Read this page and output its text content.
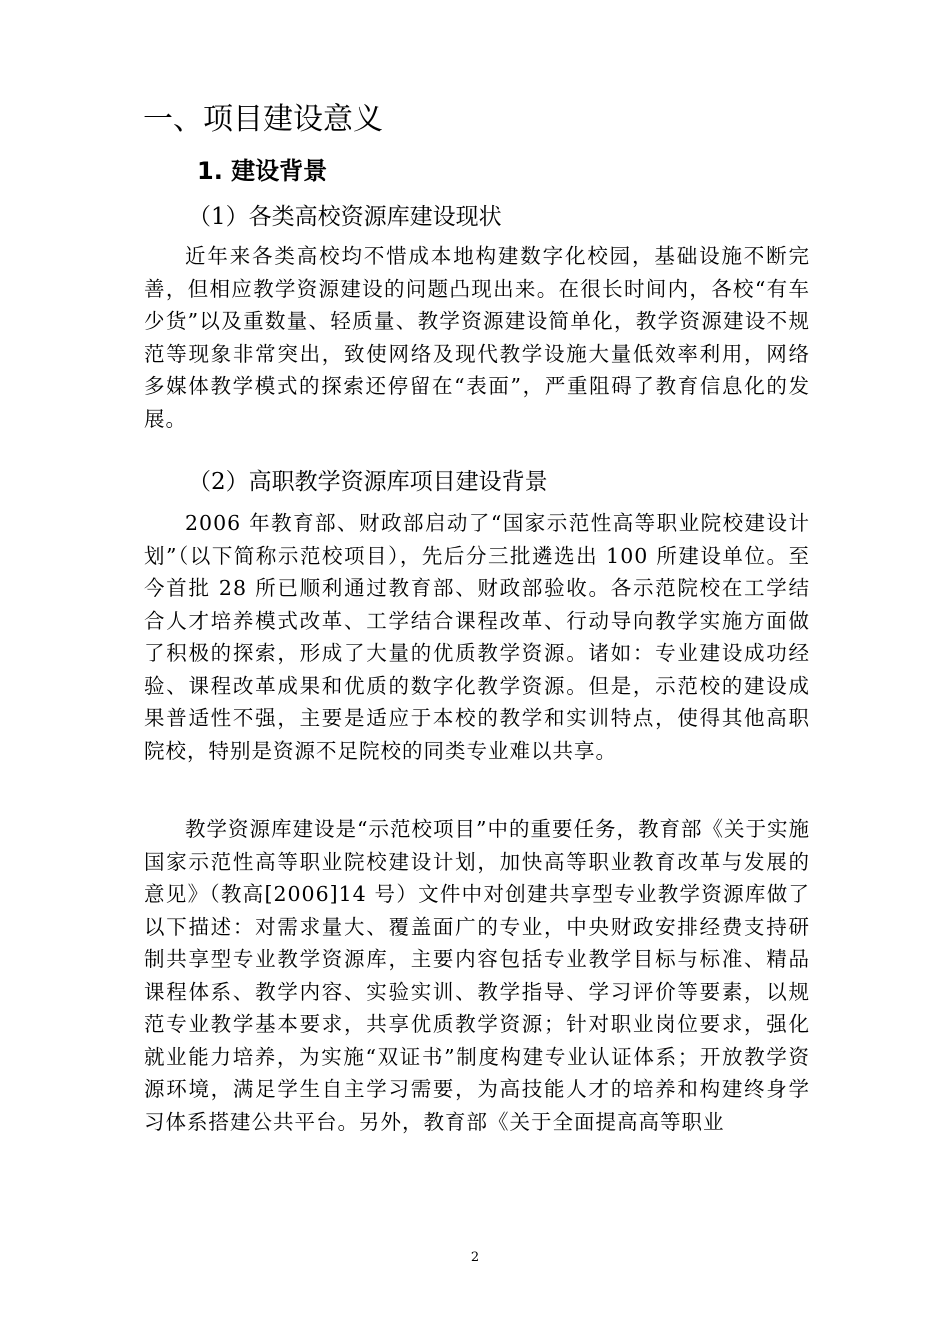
一、项目建设意义
1. 建设背景
（1）各类高校资源库建设现状
近年来各类高校均不惜成本地构建数字化校园，基础设施不断完善，但相应教学资源建设的问题凸现出来。在很长时间内，各校“有车少货”以及重数量、轻质量、教学资源建设简单化，教学资源建设不规范等现象非常突出，致使网络及现代教学设施大量低效率利用，网络多媒体教学模式的探索还停留在“表面”，严重阻碍了教育信息化的发展。
（2）高职教学资源库项目建设背景
2006 年教育部、财政部启动了“国家示范性高等职业院校建设计划”（以下简称示范校项目），先后分三批遴选出 100 所建设单位。至今首批 28 所已顺利通过教育部、财政部验收。各示范院校在工学结合人才培养模式改革、工学结合课程改革、行动导向教学实施方面做了积极的探索，形成了大量的优质教学资源。诸如：专业建设成功经验、课程改革成果和优质的数字化教学资源。但是，示范校的建设成果普适性不强，主要是适应于本校的教学和实训特点，使得其他高职院校，特别是资源不足院校的同类专业难以共享。
教学资源库建设是“示范校项目”中的重要任务，教育部《关于实施国家示范性高等职业院校建设计划，加快高等职业教育改革与发展的意见》（教高[2006]14 号）文件中对创建共享型专业教学资源库做了以下描述：对需求量大、覆盖面广的专业，中央财政安排经费支持研制共享型专业教学资源库，主要内容包括专业教学目标与标准、精品课程体系、教学内容、实验实训、教学指导、学习评价等要素，以规范专业教学基本要求，共享优质教学资源；针对职业岗位要求，强化就业能力培养，为实施“双证书”制度构建专业认证体系；开放教学资源环境，满足学生自主学习需要，为高技能人才的培养和构建终身学习体系搭建公共平台。另外，教育部《关于全面提高高等职业
2
